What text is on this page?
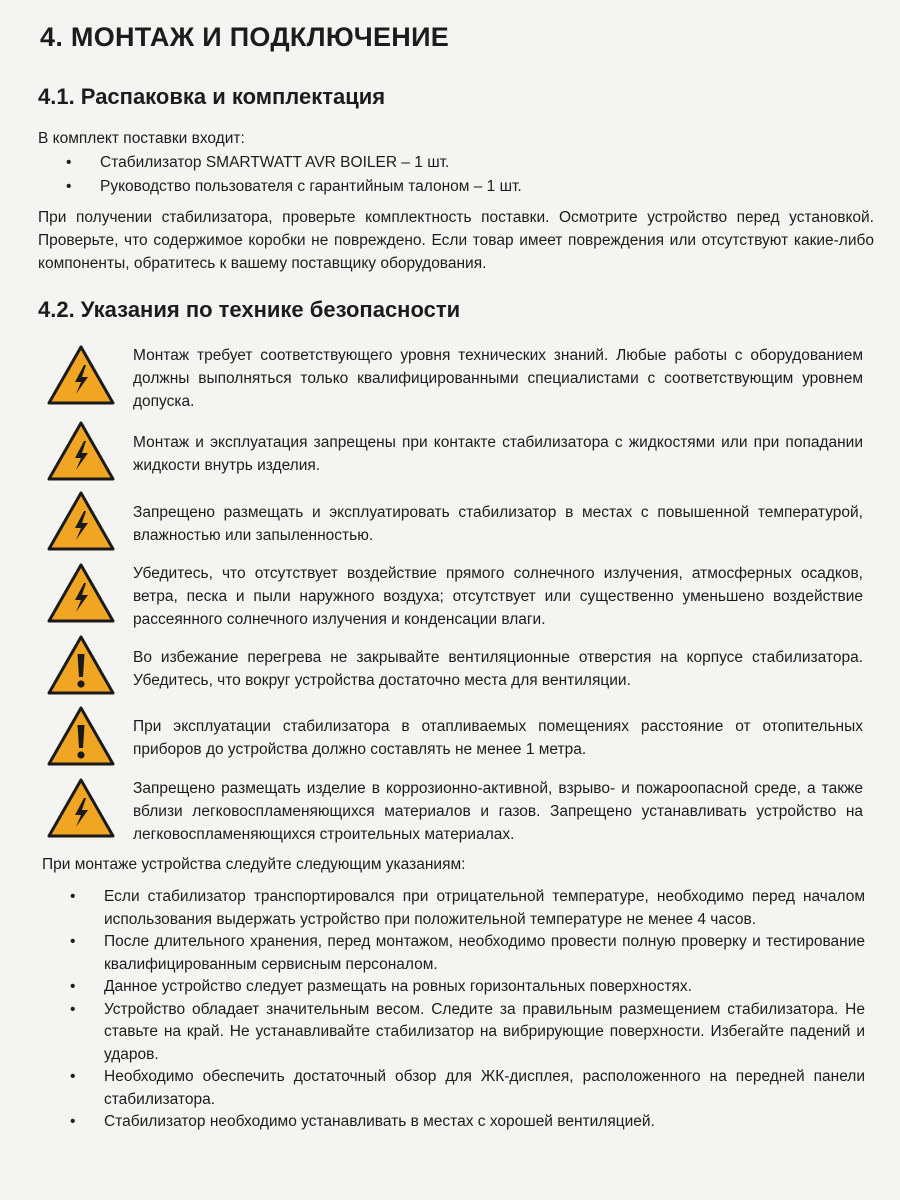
4. МОНТАЖ И ПОДКЛЮЧЕНИЕ
4.1. Распаковка и комплектация
В комплект поставки входит:
• Стабилизатор SMARTWATT AVR BOILER – 1 шт.
• Руководство пользователя с гарантийным талоном – 1 шт.
При получении стабилизатора, проверьте комплектность поставки. Осмотрите устройство перед установкой. Проверьте, что содержимое коробки не повреждено. Если товар имеет повреждения или отсутствуют какие-либо компоненты, обратитесь к вашему поставщику оборудования.
4.2. Указания по технике безопасности
Монтаж требует соответствующего уровня технических знаний. Любые работы с оборудованием должны выполняться только квалифицированными специалистами с соответствующим уровнем допуска.
Монтаж и эксплуатация запрещены при контакте стабилизатора с жидкостями или при попадании жидкости внутрь изделия.
Запрещено размещать и эксплуатировать стабилизатор в местах с повышенной температурой, влажностью или запыленностью.
Убедитесь, что отсутствует воздействие прямого солнечного излучения, атмосферных осадков, ветра, песка и пыли наружного воздуха; отсутствует или существенно уменьшено воздействие рассеянного солнечного излучения и конденсации влаги.
Во избежание перегрева не закрывайте вентиляционные отверстия на корпусе стабилизатора. Убедитесь, что вокруг устройства достаточно места для вентиляции.
При эксплуатации стабилизатора в отапливаемых помещениях расстояние от отопительных приборов до устройства должно составлять не менее 1 метра.
Запрещено размещать изделие в коррозионно-активной, взрыво- и пожароопасной среде, а также вблизи легковоспламеняющихся материалов и газов. Запрещено устанавливать устройство на легковоспламеняющихся строительных материалах.
При монтаже устройства следуйте следующим указаниям:
• Если стабилизатор транспортировался при отрицательной температуре, необходимо перед началом использования выдержать устройство при положительной температуре не менее 4 часов.
• После длительного хранения, перед монтажом, необходимо провести полную проверку и тестирование квалифицированным сервисным персоналом.
• Данное устройство следует размещать на ровных горизонтальных поверхностях.
• Устройство обладает значительным весом. Следите за правильным размещением стабилизатора. Не ставьте на край. Не устанавливайте стабилизатор на вибрирующие поверхности. Избегайте падений и ударов.
• Необходимо обеспечить достаточный обзор для ЖК-дисплея, расположенного на передней панели стабилизатора.
• Стабилизатор необходимо устанавливать в местах с хорошей вентиляцией.
